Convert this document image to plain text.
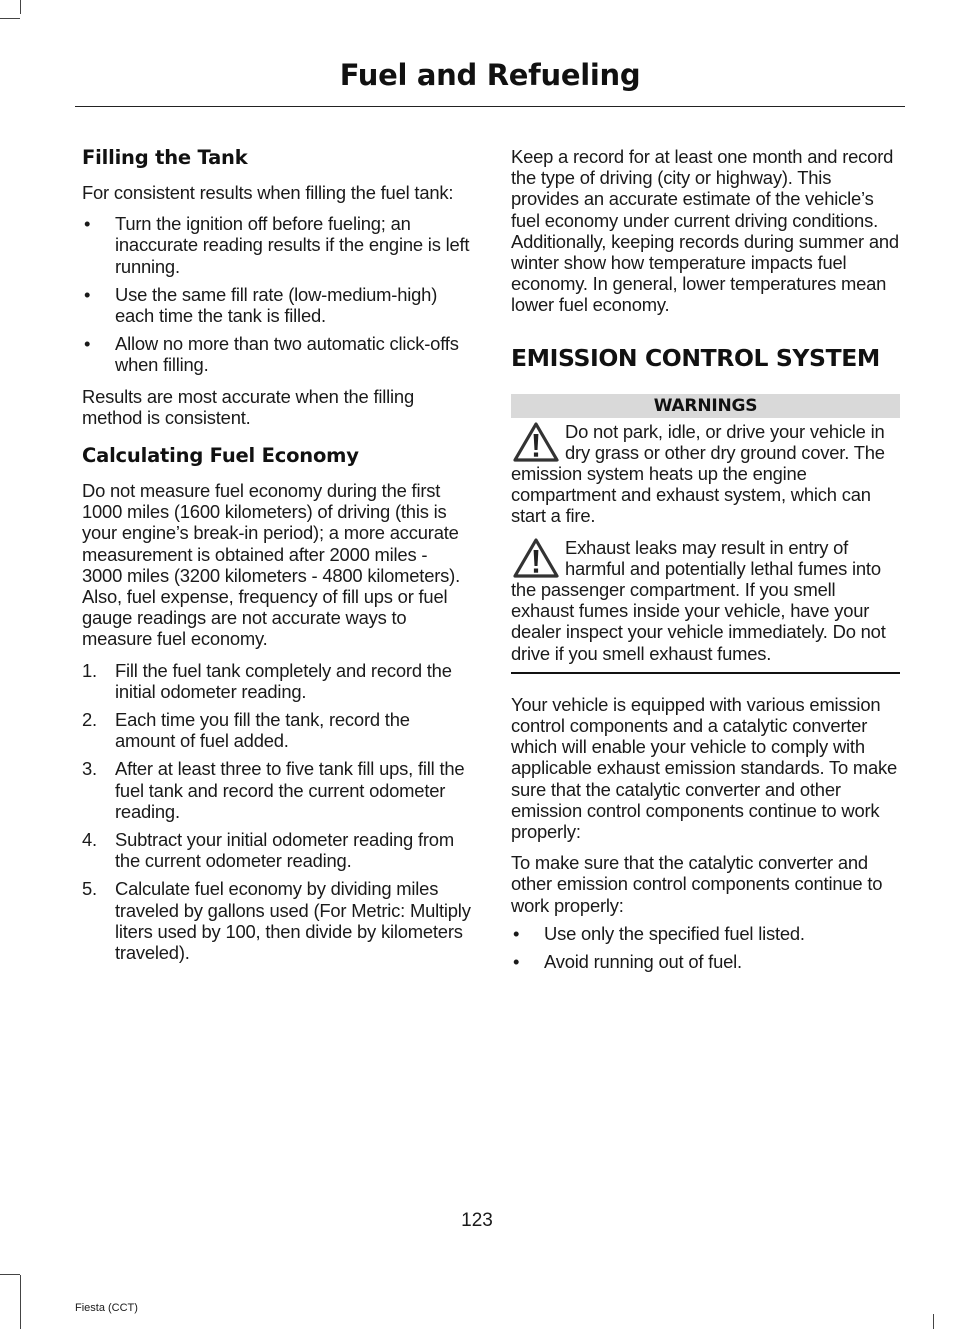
Fuel and Refueling
Filling the Tank

For consistent results when filling the fuel tank:

• Turn the ignition off before fueling; an inaccurate reading results if the engine is left running.
• Use the same fill rate (low-medium-high) each time the tank is filled.
• Allow no more than two automatic click-offs when filling.

Results are most accurate when the filling method is consistent.

Calculating Fuel Economy

Do not measure fuel economy during the first 1000 miles (1600 kilometers) of driving (this is your engine’s break-in period); a more accurate measurement is obtained after 2000 miles - 3000 miles (3200 kilometers - 4800 kilometers). Also, fuel expense, frequency of fill ups or fuel gauge readings are not accurate ways to measure fuel economy.

1. Fill the fuel tank completely and record the initial odometer reading.
2. Each time you fill the tank, record the amount of fuel added.
3. After at least three to five tank fill ups, fill the fuel tank and record the current odometer reading.
4. Subtract your initial odometer reading from the current odometer reading.
5. Calculate fuel economy by dividing miles traveled by gallons used (For Metric: Multiply liters used by 100, then divide by kilometers traveled).

Keep a record for at least one month and record the type of driving (city or highway). This provides an accurate estimate of the vehicle’s fuel economy under current driving conditions. Additionally, keeping records during summer and winter show how temperature impacts fuel economy. In general, lower temperatures mean lower fuel economy.

EMISSION CONTROL SYSTEM
WARNINGS
Do not park, idle, or drive your vehicle in dry grass or other dry ground cover. The emission system heats up the engine compartment and exhaust system, which can start a fire.
Exhaust leaks may result in entry of harmful and potentially lethal fumes into the passenger compartment. If you smell exhaust fumes inside your vehicle, have your dealer inspect your vehicle immediately. Do not drive if you smell exhaust fumes.

Your vehicle is equipped with various emission control components and a catalytic converter which will enable your vehicle to comply with applicable exhaust emission standards. To make sure that the catalytic converter and other emission control components continue to work properly:

To make sure that the catalytic converter and other emission control components continue to work properly:

• Use only the specified fuel listed.
• Avoid running out of fuel.
123
Fiesta (CCT)
